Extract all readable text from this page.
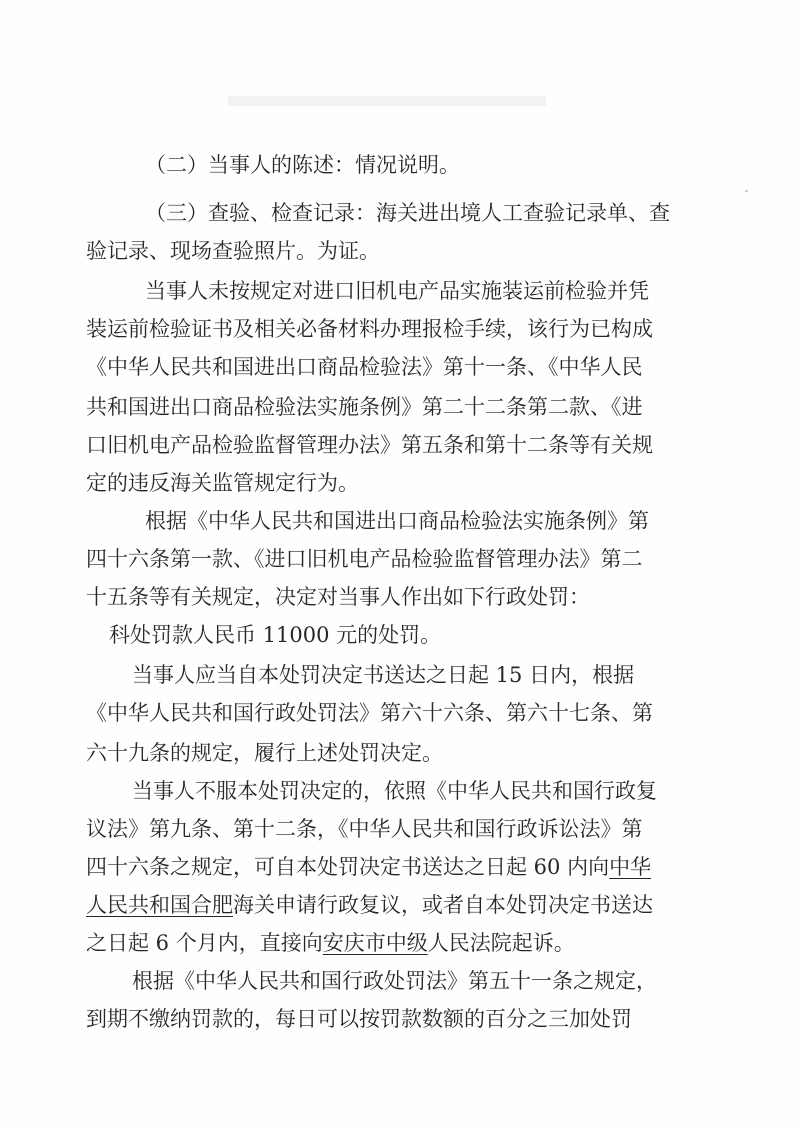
（二）当事人的陈述：情况说明。

（三）查验、检查记录：海关进出境人工查验记录单、查

验记录、现场查验照片。为证。

当事人未按规定对进口旧机电产品实施装运前检验并凭

装运前检验证书及相关必备材料办理报检手续，该行为已构成

《中华人民共和国进出口商品检验法》第十一条、《中华人民

共和国进出口商品检验法实施条例》第二十二条第二款、《进

口旧机电产品检验监督管理办法》第五条和第十二条等有关规

定的违反海关监管规定行为。

根据《中华人民共和国进出口商品检验法实施条例》第

四十六条第一款、《进口旧机电产品检验监督管理办法》第二

十五条等有关规定，决定对当事人作出如下行政处罚：

科处罚款人民币 11000 元的处罚。

当事人应当自本处罚决定书送达之日起 15 日内，根据

《中华人民共和国行政处罚法》第六十六条、第六十七条、第

六十九条的规定，履行上述处罚决定。

当事人不服本处罚决定的，依照《中华人民共和国行政复

议法》第九条、第十二条，《中华人民共和国行政诉讼法》第

四十六条之规定，可自本处罚决定书送达之日起 60 内向中华

人民共和国合肥海关申请行政复议，或者自本处罚决定书送达

之日起 6 个月内，直接向安庆市中级人民法院起诉。

根据《中华人民共和国行政处罚法》第五十一条之规定，

到期不缴纳罚款的，每日可以按罚款数额的百分之三加处罚
